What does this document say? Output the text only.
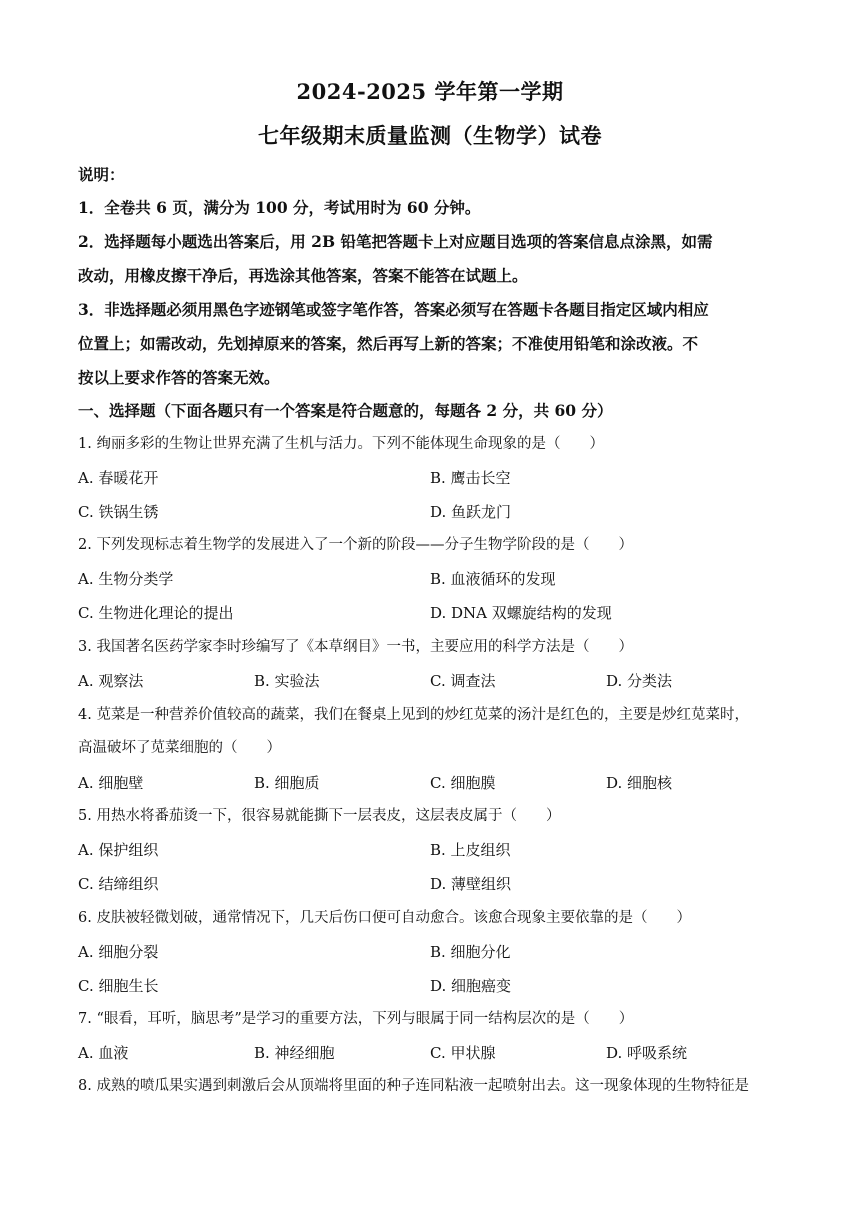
2024-2025 学年第一学期
七年级期末质量监测（生物学）试卷
说明：
1．全卷共 6 页，满分为 100 分，考试用时为 60 分钟。
2．选择题每小题选出答案后，用 2B 铅笔把答题卡上对应题目选项的答案信息点涂黑，如需
改动，用橡皮擦干净后，再选涂其他答案，答案不能答在试题上。
3．非选择题必须用黑色字迹钢笔或签字笔作答，答案必须写在答题卡各题目指定区域内相应
位置上；如需改动，先划掉原来的答案，然后再写上新的答案；不准使用铅笔和涂改液。不
按以上要求作答的答案无效。
一、选择题（下面各题只有一个答案是符合题意的，每题各 2 分，共 60 分）
1. 绚丽多彩的生物让世界充满了生机与活力。下列不能体现生命现象的是（　　）
A. 春暖花开	B. 鹰击长空
C. 铁锅生锈	D. 鱼跃龙门
2. 下列发现标志着生物学的发展进入了一个新的阶段——分子生物学阶段的是（　　）
A. 生物分类学	B. 血液循环的发现
C. 生物进化理论的提出	D. DNA 双螺旋结构的发现
3. 我国著名医药学家李时珍编写了《本草纲目》一书，主要应用的科学方法是（　　）
A. 观察法	B. 实验法	C. 调查法	D. 分类法
4. 苋菜是一种营养价值较高的蔬菜，我们在餐桌上见到的炒红苋菜的汤汁是红色的，主要是炒红苋菜时，
高温破坏了苋菜细胞的（　　）
A. 细胞壁	B. 细胞质	C. 细胞膜	D. 细胞核
5. 用热水将番茄烫一下，很容易就能撕下一层表皮，这层表皮属于（　　）
A. 保护组织	B. 上皮组织
C. 结缔组织	D. 薄壁组织
6. 皮肤被轻微划破，通常情况下，几天后伤口便可自动愈合。该愈合现象主要依靠的是（　　）
A. 细胞分裂	B. 细胞分化
C. 细胞生长	D. 细胞癌变
7. “眼看，耳听，脑思考”是学习的重要方法，下列与眼属于同一结构层次的是（　　）
A. 血液	B. 神经细胞	C. 甲状腺	D. 呼吸系统
8. 成熟的喷瓜果实遇到刺激后会从顶端将里面的种子连同粘液一起喷射出去。这一现象体现的生物特征是
